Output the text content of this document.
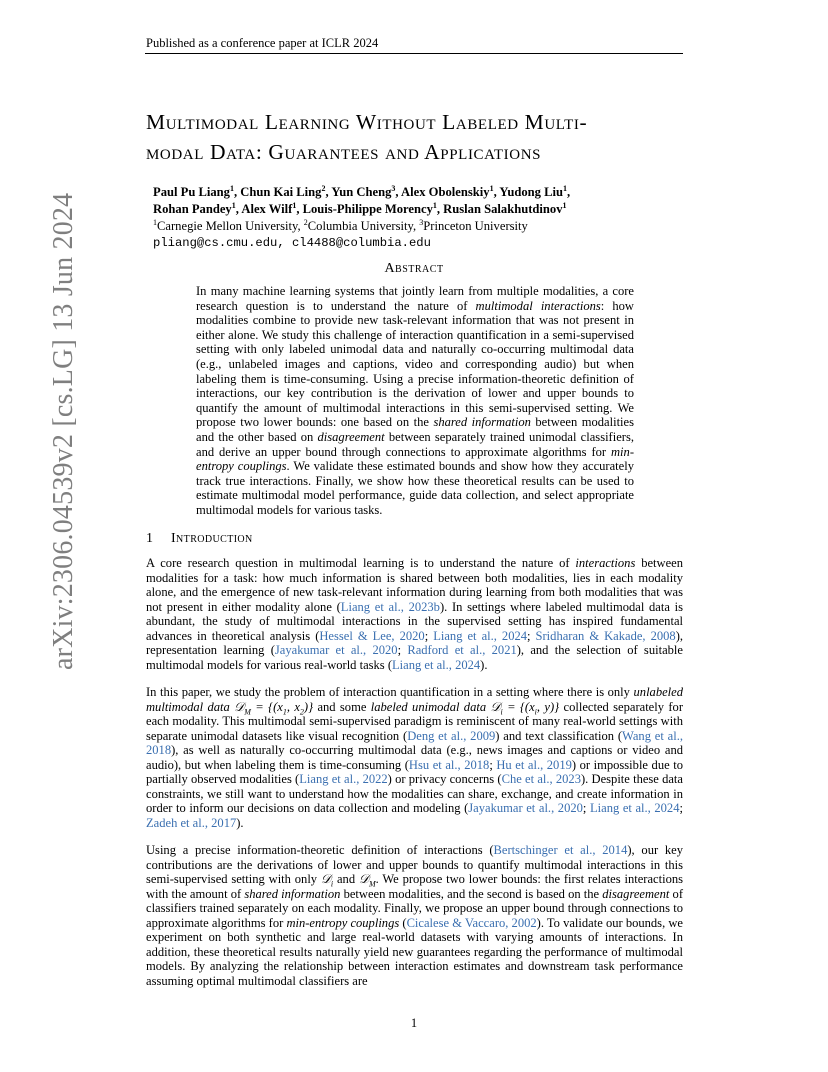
Published as a conference paper at ICLR 2024
arXiv:2306.04539v2 [cs.LG] 13 Jun 2024
Multimodal Learning Without Labeled Multi-
modal Data: Guarantees and Applications
Paul Pu Liang$^1$, Chun Kai Ling$^2$, Yun Cheng$^3$, Alex Obolenskiy$^1$, Yudong Liu$^1$,
Rohan Pandey$^1$, Alex Wilf$^1$, Louis-Philippe Morency$^1$, Ruslan Salakhutdinov$^1$
$^1$Carnegie Mellon University, $^2$Columbia University, $^3$Princeton University
pliang@cs.cmu.edu, cl4488@columbia.edu
Abstract
In many machine learning systems that jointly learn from multiple modalities, a core research question is to understand the nature of multimodal interactions: how modalities combine to provide new task-relevant information that was not present in either alone. We study this challenge of interaction quantification in a semi-supervised setting with only labeled unimodal data and naturally co-occurring multimodal data (e.g., unlabeled images and captions, video and corresponding audio) but when labeling them is time-consuming. Using a precise information-theoretic definition of interactions, our key contribution is the derivation of lower and upper bounds to quantify the amount of multimodal interactions in this semi-supervised setting. We propose two lower bounds: one based on the shared information between modalities and the other based on disagreement between separately trained unimodal classifiers, and derive an upper bound through connections to approximate algorithms for min-entropy couplings. We validate these estimated bounds and show how they accurately track true interactions. Finally, we show how these theoretical results can be used to estimate multimodal model performance, guide data collection, and select appropriate multimodal models for various tasks.
1 Introduction
A core research question in multimodal learning is to understand the nature of interactions between modalities for a task: how much information is shared between both modalities, lies in each modality alone, and the emergence of new task-relevant information during learning from both modalities that was not present in either modality alone (Liang et al., 2023b). In settings where labeled multimodal data is abundant, the study of multimodal interactions in the supervised setting has inspired fundamental advances in theoretical analysis (Hessel & Lee, 2020; Liang et al., 2024; Sridharan & Kakade, 2008), representation learning (Jayakumar et al., 2020; Radford et al., 2021), and the selection of suitable multimodal models for various real-world tasks (Liang et al., 2024).
In this paper, we study the problem of interaction quantification in a setting where there is only unlabeled multimodal data 𝒟$_M$ = {($x_1$, $x_2$)} and some labeled unimodal data 𝒟$_i$ = {($x_i$, y)} collected separately for each modality. This multimodal semi-supervised paradigm is reminiscent of many real-world settings with separate unimodal datasets like visual recognition (Deng et al., 2009) and text classification (Wang et al., 2018), as well as naturally co-occurring multimodal data (e.g., news images and captions or video and audio), but when labeling them is time-consuming (Hsu et al., 2018; Hu et al., 2019) or impossible due to partially observed modalities (Liang et al., 2022) or privacy concerns (Che et al., 2023). Despite these data constraints, we still want to understand how the modalities can share, exchange, and create information in order to inform our decisions on data collection and modeling (Jayakumar et al., 2020; Liang et al., 2024; Zadeh et al., 2017).
Using a precise information-theoretic definition of interactions (Bertschinger et al., 2014), our key contributions are the derivations of lower and upper bounds to quantify multimodal interactions in this semi-supervised setting with only 𝒟$_i$ and 𝒟$_M$. We propose two lower bounds: the first relates interactions with the amount of shared information between modalities, and the second is based on the disagreement of classifiers trained separately on each modality. Finally, we propose an upper bound through connections to approximate algorithms for min-entropy couplings (Cicalese & Vaccaro, 2002). To validate our bounds, we experiment on both synthetic and large real-world datasets with varying amounts of interactions. In addition, these theoretical results naturally yield new guarantees regarding the performance of multimodal models. By analyzing the relationship between interaction estimates and downstream task performance assuming optimal multimodal classifiers are
1
